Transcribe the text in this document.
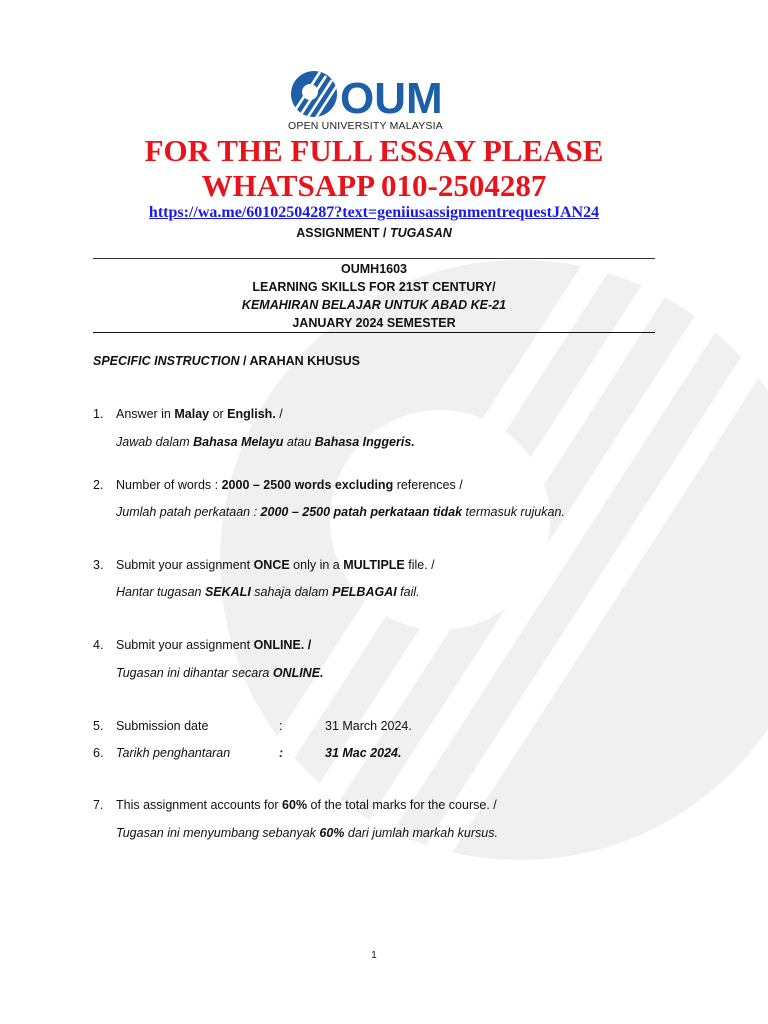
OUM
OPEN UNIVERSITY MALAYSIA
FOR THE FULL ESSAY PLEASE
WHATSAPP 010-2504287
https://wa.me/60102504287?text=geniiusassignmentrequestJAN24
ASSIGNMENT / TUGASAN
OUMH1603
LEARNING SKILLS FOR 21ST CENTURY/
KEMAHIRAN BELAJAR UNTUK ABAD KE-21
JANUARY 2024 SEMESTER
SPECIFIC INSTRUCTION / ARAHAN KHUSUS
1. Answer in Malay or English. /
Jawab dalam Bahasa Melayu atau Bahasa Inggeris.
2. Number of words : 2000 – 2500 words excluding references /
Jumlah patah perkataan : 2000 – 2500 patah perkataan tidak termasuk rujukan.
3. Submit your assignment ONCE only in a MULTIPLE file. /
Hantar tugasan SEKALI sahaja dalam PELBAGAI fail.
4. Submit your assignment ONLINE. /
Tugasan ini dihantar secara ONLINE.
5. Submission date	:	31 March 2024.
6. Tarikh penghantaran	:	31 Mac 2024.
7. This assignment accounts for 60% of the total marks for the course. /
Tugasan ini menyumbang sebanyak 60% dari jumlah markah kursus.
1
